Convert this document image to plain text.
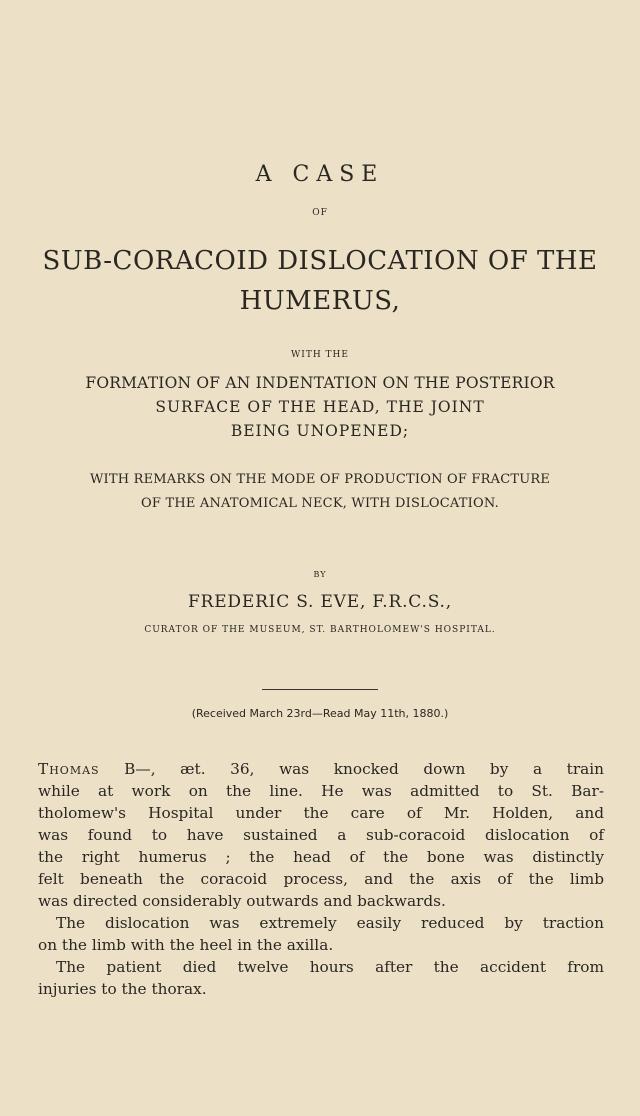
A CASE
OF
SUB-CORACOID DISLOCATION OF THE
HUMERUS,
WITH THE
FORMATION OF AN INDENTATION ON THE POSTERIOR
SURFACE OF THE HEAD, THE JOINT
BEING UNOPENED;
WITH REMARKS ON THE MODE OF PRODUCTION OF FRACTURE
OF THE ANATOMICAL NECK, WITH DISLOCATION.
BY
FREDERIC S. EVE, F.R.C.S.,
CURATOR OF THE MUSEUM, ST. BARTHOLOMEW'S HOSPITAL.
(Received March 23rd—Read May 11th, 1880.)
Thomas B—, æt. 36, was knocked down by a train
while at work on the line. He was admitted to St. Bar-
tholomew's Hospital under the care of Mr. Holden, and
was found to have sustained a sub-coracoid dislocation of
the right humerus ; the head of the bone was distinctly
felt beneath the coracoid process, and the axis of the limb
was directed considerably outwards and backwards.
The dislocation was extremely easily reduced by traction
on the limb with the heel in the axilla.
The patient died twelve hours after the accident from
injuries to the thorax.
